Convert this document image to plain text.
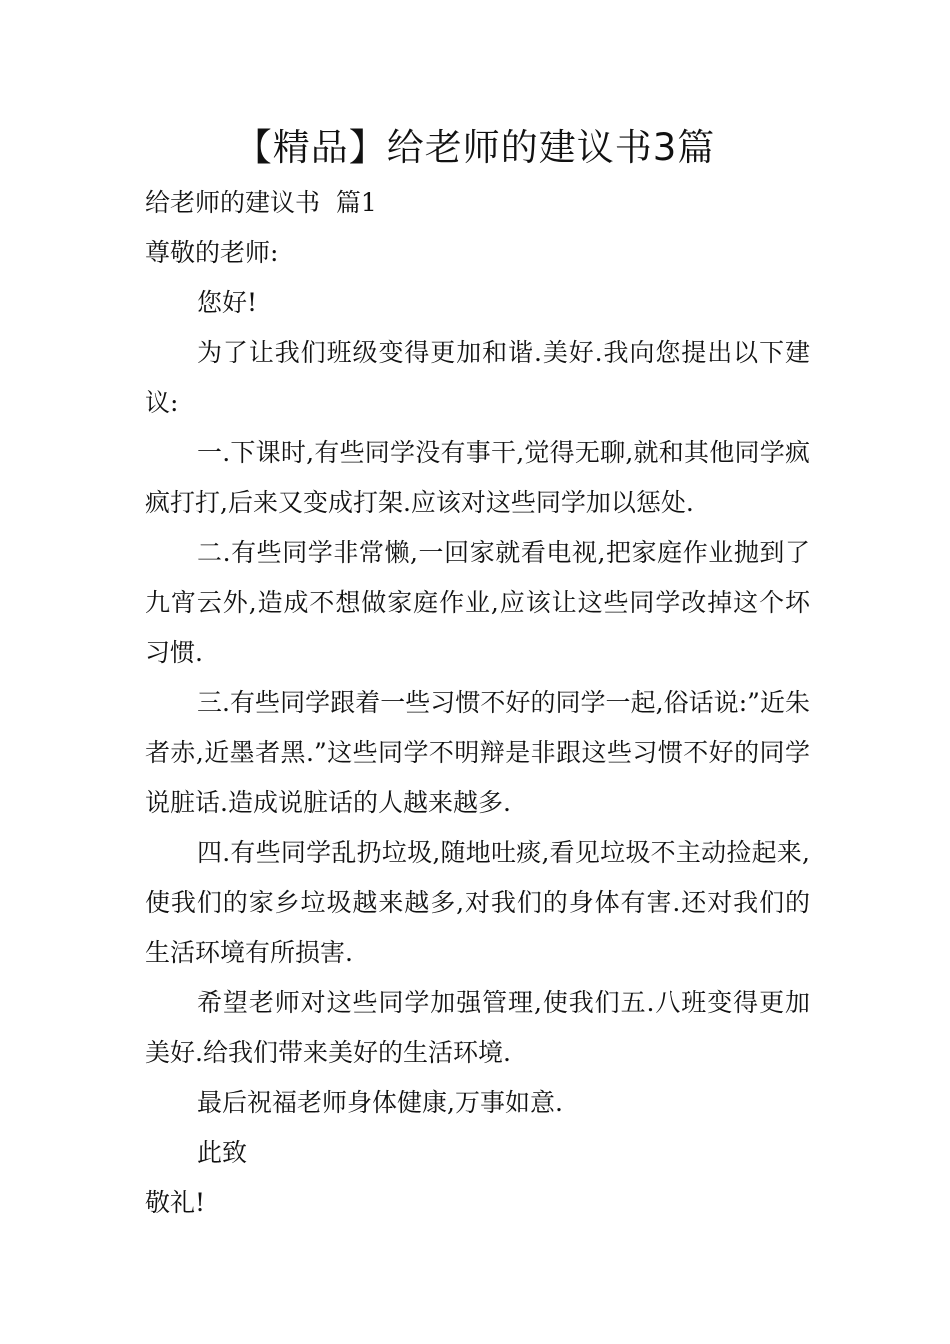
【精品】给老师的建议书3篇

给老师的建议书  篇1

尊敬的老师:

您好!

为了让我们班级变得更加和谐.美好.我向您提出以下建议:

一.下课时,有些同学没有事干,觉得无聊,就和其他同学疯疯打打,后来又变成打架.应该对这些同学加以惩处.

二.有些同学非常懒,一回家就看电视,把家庭作业抛到了九宵云外,造成不想做家庭作业,应该让这些同学改掉这个坏习惯.

三.有些同学跟着一些习惯不好的同学一起,俗话说:”近朱者赤,近墨者黑.”这些同学不明辩是非跟这些习惯不好的同学说脏话.造成说脏话的人越来越多.

四.有些同学乱扔垃圾,随地吐痰,看见垃圾不主动捡起来,使我们的家乡垃圾越来越多,对我们的身体有害.还对我们的生活环境有所损害.

希望老师对这些同学加强管理,使我们五.八班变得更加美好.给我们带来美好的生活环境.

最后祝福老师身体健康,万事如意.

此致

敬礼!
